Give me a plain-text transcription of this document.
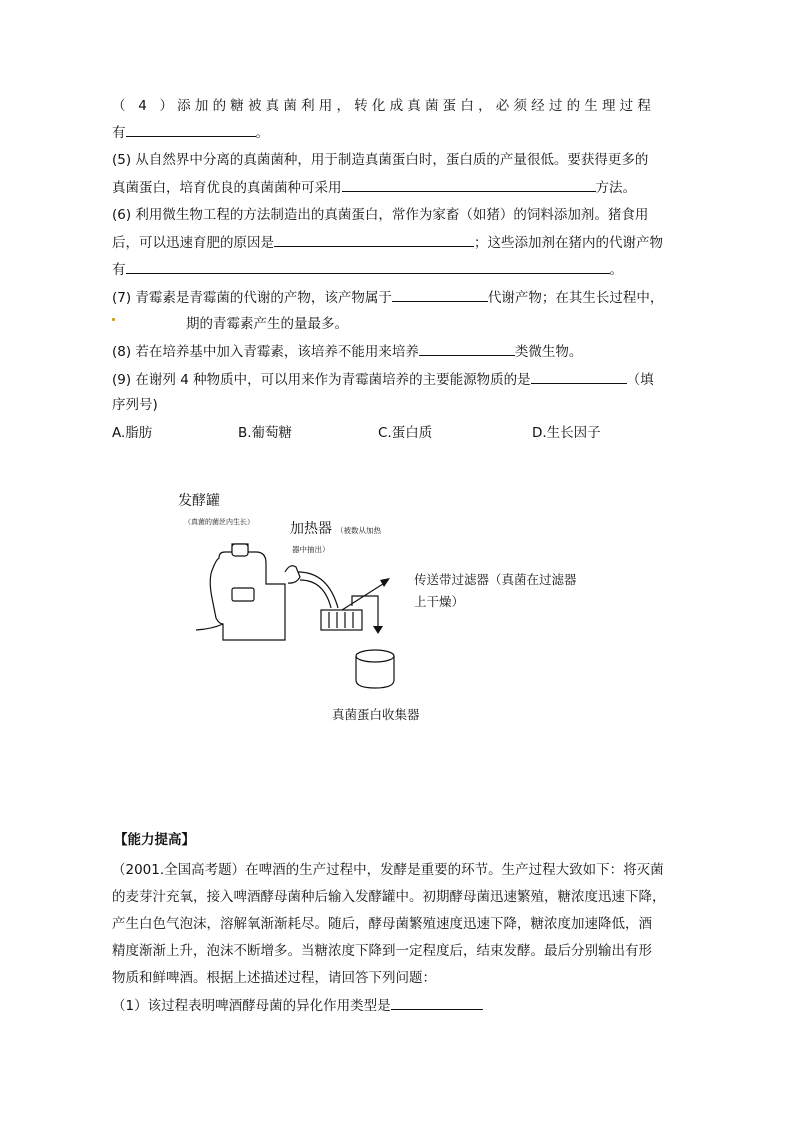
（ 4 ）添加的糖被真菌利用，转化成真菌蛋白，必须经过的生理过程
有	。
(5) 从自然界中分离的真菌菌种，用于制造真菌蛋白时，蛋白质的产量很低。要获得更多的
真菌蛋白，培育优良的真菌菌种可采用	方法。
(6) 利用微生物工程的方法制造出的真菌蛋白，常作为家畜（如猪）的饲料添加剂。猪食用
后，可以迅速育肥的原因是	；这些添加剂在猪内的代谢产物
有	。
(7) 青霉素是青霉菌的代谢的产物，该产物属于	代谢产物；在其生长过程中，
期的青霉素产生的量最多。
(8) 若在培养基中加入青霉素，该培养不能用来培养	类微生物。
(9) 在谢列 4 种物质中，可以用来作为青霉菌培养的主要能源物质的是	（填
序列号)
A.脂肪	B.葡萄糖	C.蛋白质	D.生长因子
发酵罐
（真菌的菌丝内生长）	加热器 （被数从加热
器中抽出）
传送带过滤器（真菌在过滤器
上干燥）
真菌蛋白收集器
【能力提高】
（2001.全国高考题）在啤酒的生产过程中，发酵是重要的环节。生产过程大致如下：将灭菌
的麦芽汁充氧，接入啤酒酵母菌种后输入发酵罐中。初期酵母菌迅速繁殖，糖浓度迅速下降，
产生白色气泡沫，溶解氧渐渐耗尽。随后，酵母菌繁殖速度迅速下降，糖浓度加速降低，酒
精度渐渐上升，泡沫不断增多。当糖浓度下降到一定程度后，结束发酵。最后分别输出有形
物质和鲜啤酒。根据上述描述过程，请回答下列问题：
（1）该过程表明啤酒酵母菌的异化作用类型是
